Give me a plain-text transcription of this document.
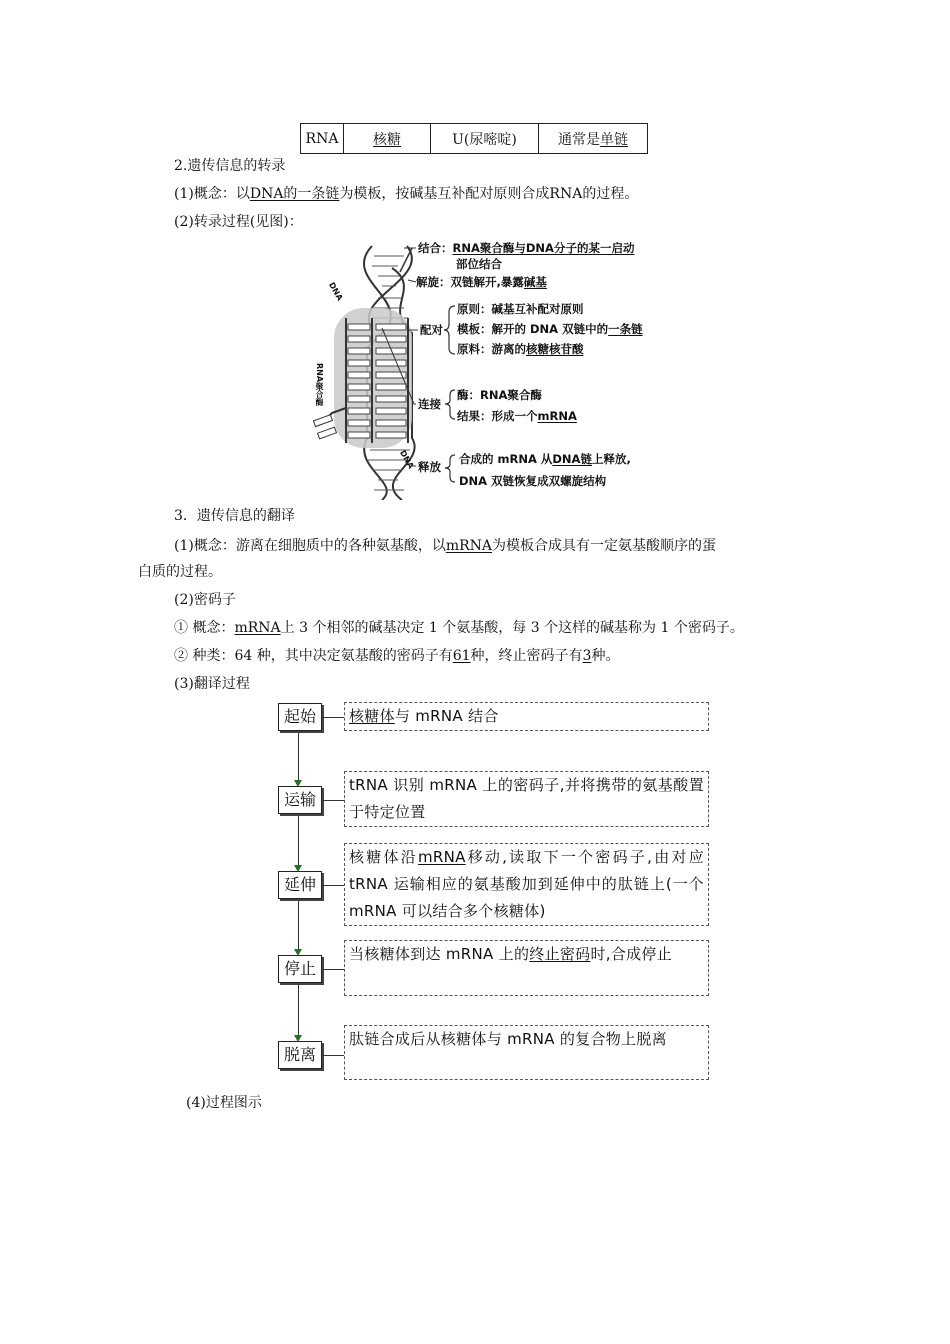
RNA	核糖	U(尿嘧啶)	通常是单链
2.遗传信息的转录
(1)概念：以DNA的一条链为模板，按碱基互补配对原则合成RNA的过程。
(2)转录过程(见图)：
DNA
RNA聚合酶
DNA
结合：RNA聚合酶与DNA分子的某一启动
部位结合
解旋：双链解开,暴露碱基
配对
原则：碱基互补配对原则
模板：解开的 DNA 双链中的一条链
原料：游离的核糖核苷酸
连接
酶：RNA聚合酶
结果：形成一个mRNA
释放
合成的 mRNA 从DNA链上释放,
DNA 双链恢复成双螺旋结构
3．遗传信息的翻译
(1)概念：游离在细胞质中的各种氨基酸，以mRNA为模板合成具有一定氨基酸顺序的蛋
白质的过程。
(2)密码子
① 概念：mRNA上 3 个相邻的碱基决定 1 个氨基酸，每 3 个这样的碱基称为 1 个密码子。
② 种类：64 种，其中决定氨基酸的密码子有61种，终止密码子有3种。
(3)翻译过程
起始	核糖体与 mRNA 结合
运输
tRNA 识别 mRNA 上的密码子,并将携带的氨基酸置于特定位置
延伸
核糖体沿mRNA移动,读取下一个密码子,由对应 tRNA 运输相应的氨基酸加到延伸中的肽链上(一个 mRNA 可以结合多个核糖体)
停止
当核糖体到达 mRNA 上的终止密码时,合成停止
脱离
肽链合成后从核糖体与 mRNA 的复合物上脱离
(4)过程图示
